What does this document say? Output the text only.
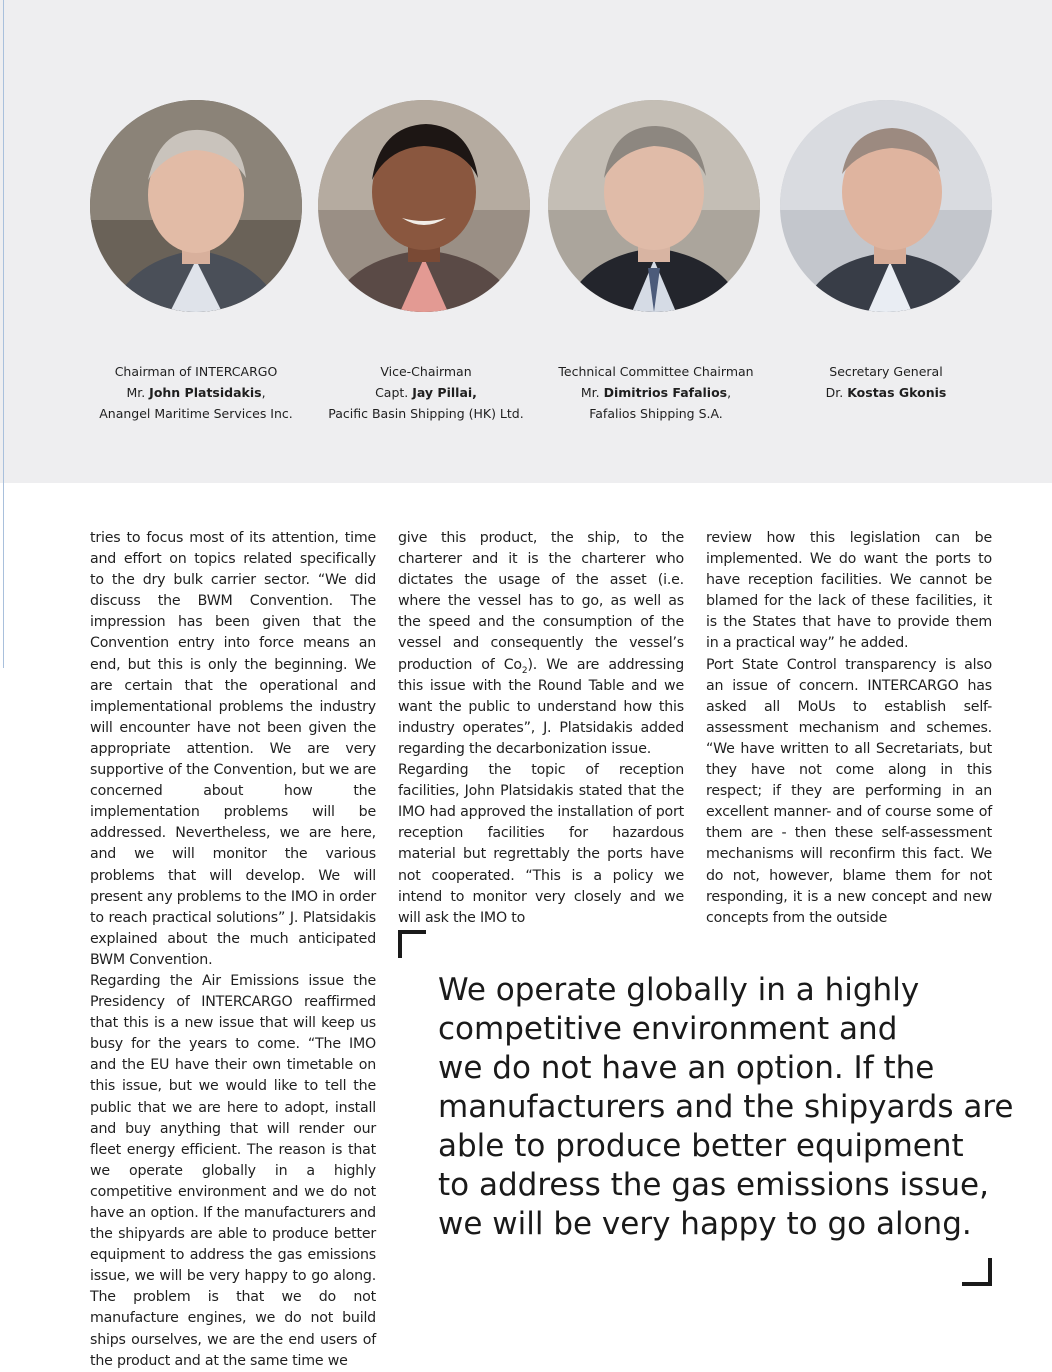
Chairman of INTERCARGO
Mr. John Platsidakis,
Anangel Maritime Services Inc.
Vice-Chairman
Capt. Jay Pillai,
Pacific Basin Shipping (HK) Ltd.
Technical Committee Chairman
Mr. Dimitrios Fafalios,
Fafalios Shipping S.A.
Secretary General
Dr. Kostas Gkonis

tries to focus most of its attention, time and effort on topics related specifically to the dry bulk carrier sector. “We did discuss the BWM Convention. The impression has been given that the Convention entry into force means an end, but this is only the beginning. We are certain that the operational and implementational problems the industry will encounter have not been given the appropriate attention. We are very supportive of the Convention, but we are concerned about how the implementation problems will be addressed. Nevertheless, we are here, and we will monitor the various problems that will develop. We will present any problems to the IMO in order to reach practical solutions” J. Platsidakis explained about the much anticipated BWM Convention.

Regarding the Air Emissions issue the Presidency of INTERCARGO reaffirmed that this is a new issue that will keep us busy for the years to come. “The IMO and the EU have their own timetable on this issue, but we would like to tell the public that we are here to adopt, install and buy anything that will render our fleet energy efficient. The reason is that we operate globally in a highly competitive environment and we do not have an option. If the manufacturers and the shipyards are able to produce better equipment to address the gas emissions issue, we will be very happy to go along. The problem is that we do not manufacture engines, we do not build ships ourselves, we are the end users of the product and at the same time we

give this product, the ship, to the charterer and it is the charterer who dictates the usage of the asset (i.e. where the vessel has to go, as well as the speed and the consumption of the vessel and consequently the vessel’s production of $Co_2$). We are addressing this issue with the Round Table and we want the public to understand how this industry operates”, J. Platsidakis added regarding the decarbonization issue.

Regarding the topic of reception facilities, John Platsidakis stated that the IMO had approved the installation of port reception facilities for hazardous material but regrettably the ports have not cooperated. “This is a policy we intend to monitor very closely and we will ask the IMO to

review how this legislation can be implemented. We do want the ports to have reception facilities. We cannot be blamed for the lack of these facilities, it is the States that have to provide them in a practical way” he added.

Port State Control transparency is also an issue of concern. INTERCARGO has asked all MoUs to establish self-assessment mechanism and schemes. “We have written to all Secretariats, but they have not come along in this respect; if they are performing in an excellent manner- and of course some of them are - then these self-assessment mechanisms will reconfirm this fact. We do not, however, blame them for not responding, it is a new concept and new concepts from the outside

We operate globally in a highly
competitive environment and
we do not have an option. If the
manufacturers and the shipyards are
able to produce better equipment
to address the gas emissions issue,
we will be very happy to go along.
